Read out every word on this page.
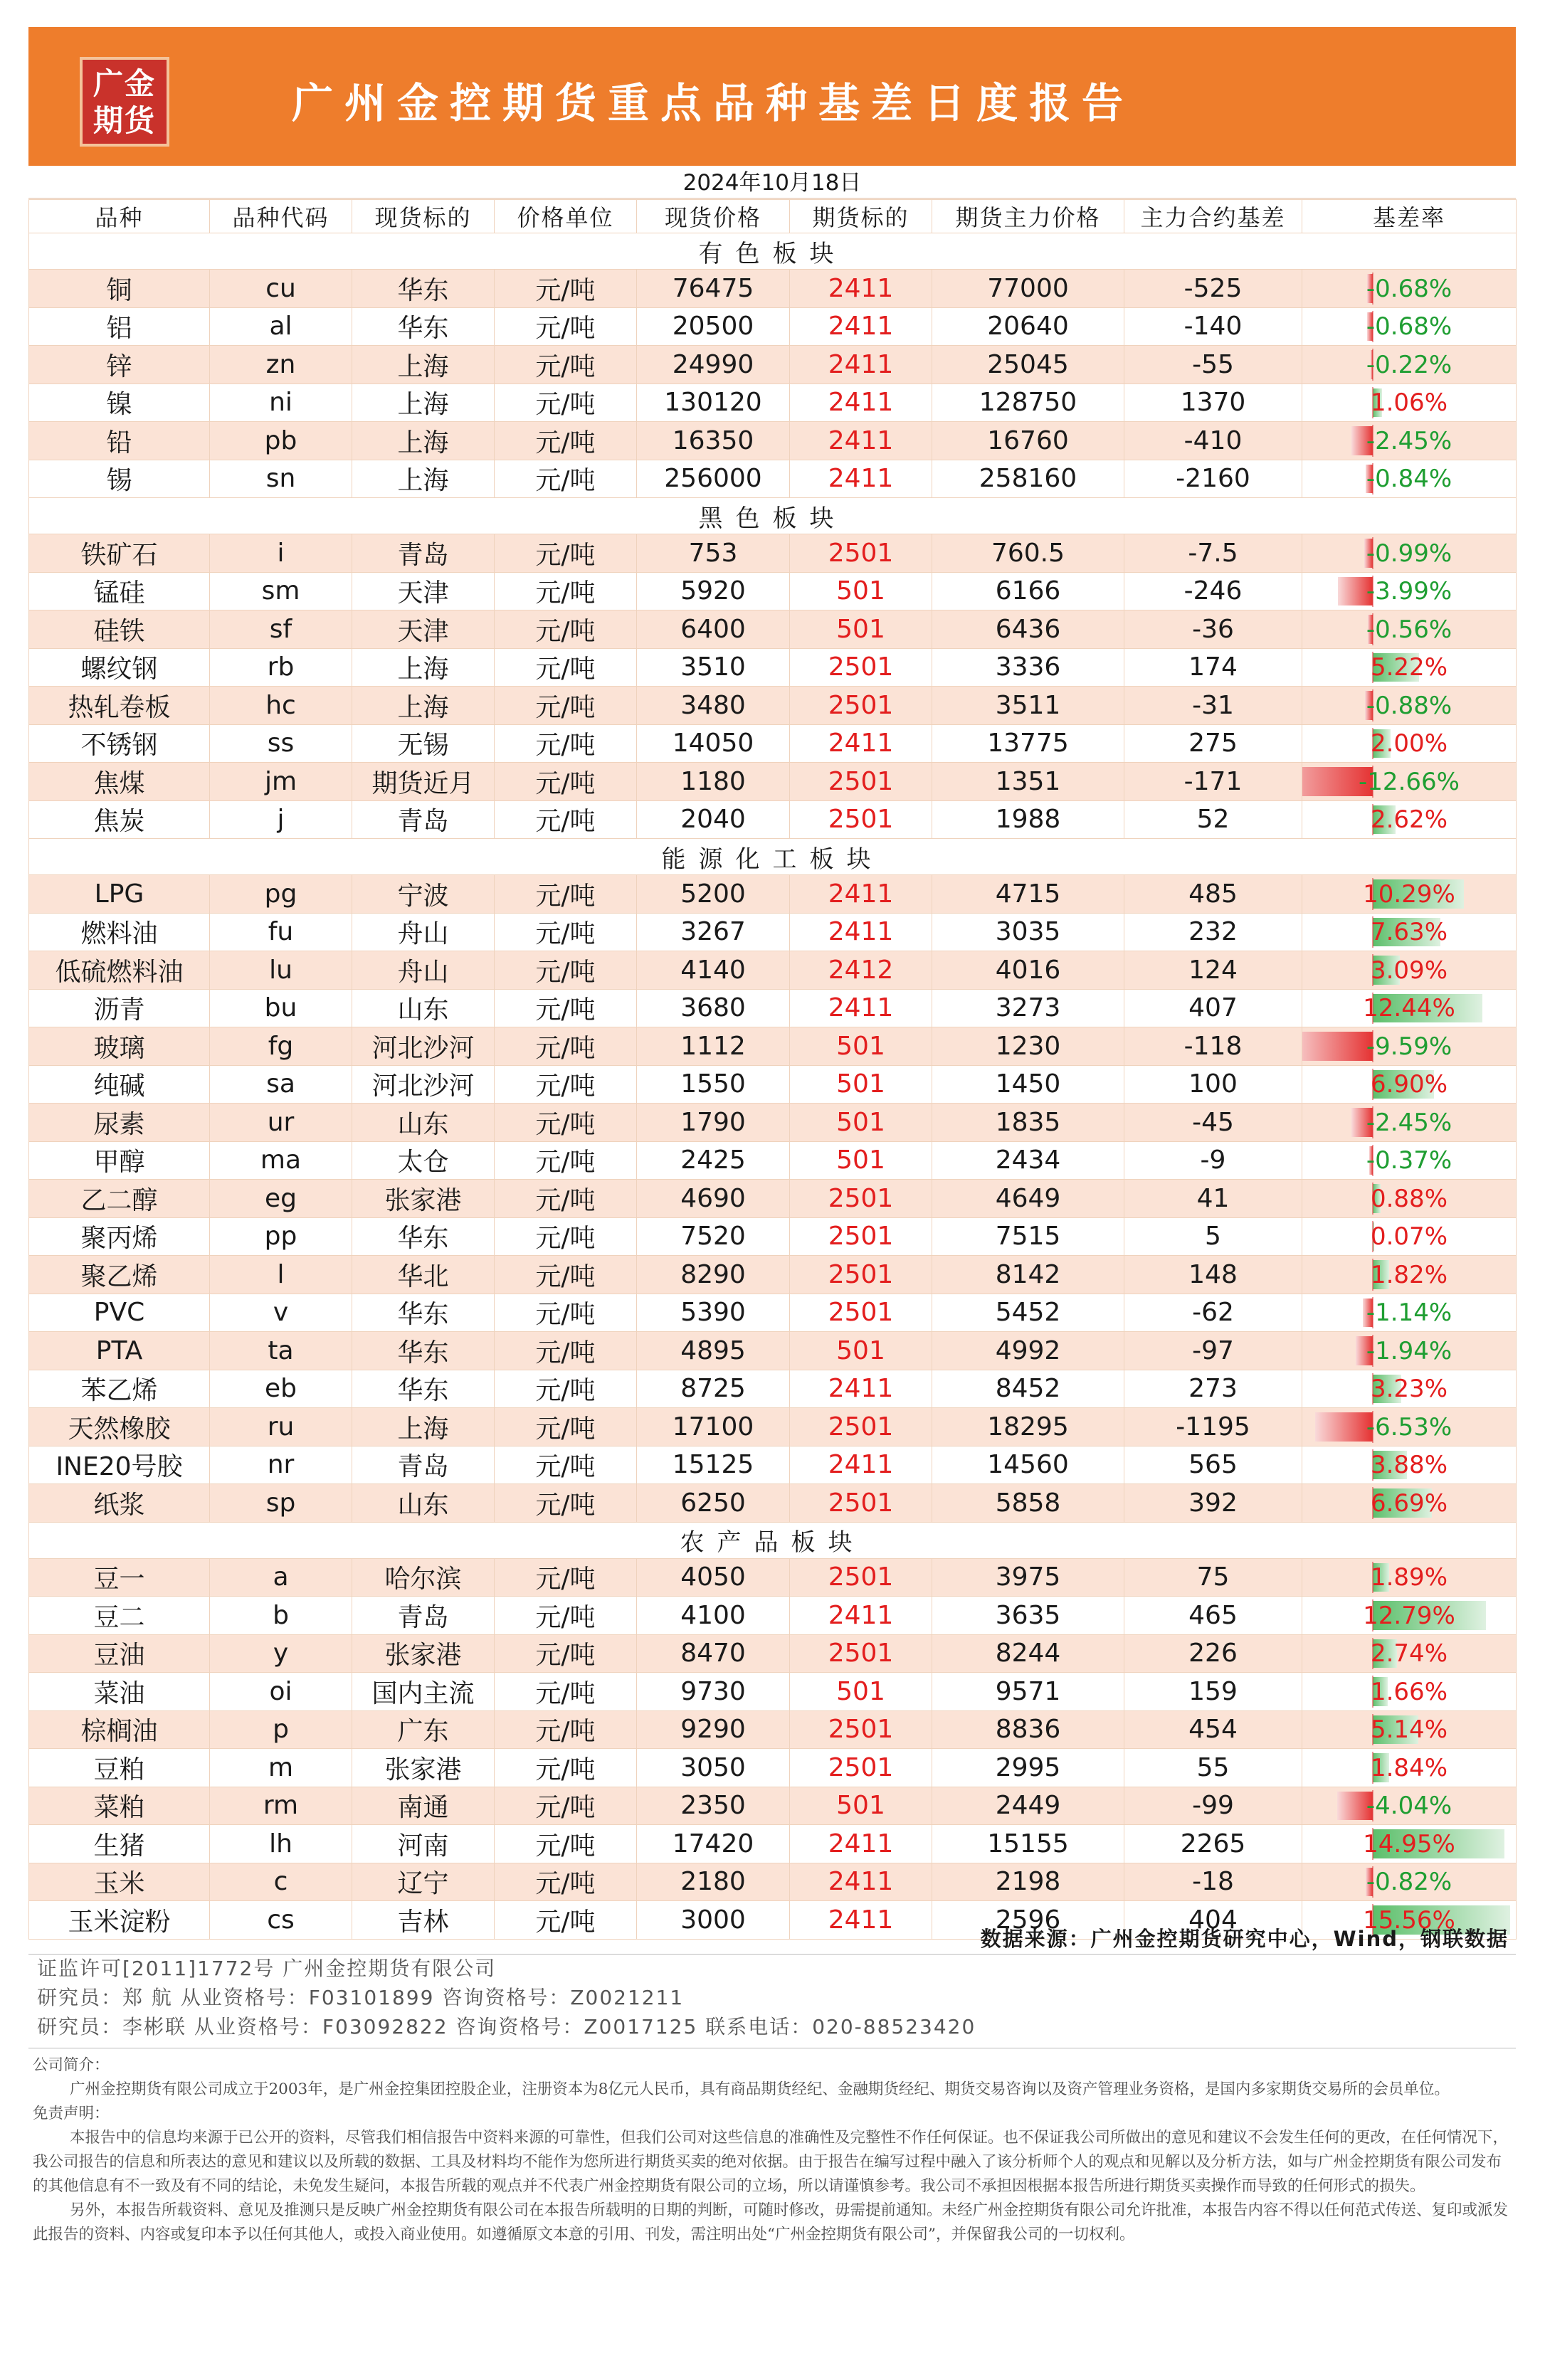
广金
期货	广州金控期货重点品种基差日度报告
2024年10月18日
品种	品种代码	现货标的	价格单位	现货价格	期货标的	期货主力价格	主力合约基差	基差率
有色板块								
铜	cu	华东	元/吨	76475	2411	77000	-525	-0.68%
铝	al	华东	元/吨	20500	2411	20640	-140	-0.68%
锌	zn	上海	元/吨	24990	2411	25045	-55	-0.22%
镍	ni	上海	元/吨	130120	2411	128750	1370	1.06%
铅	pb	上海	元/吨	16350	2411	16760	-410	-2.45%
锡	sn	上海	元/吨	256000	2411	258160	-2160	-0.84%
黑色板块								
铁矿石	i	青岛	元/吨	753	2501	760.5	-7.5	-0.99%
锰硅	sm	天津	元/吨	5920	501	6166	-246	-3.99%
硅铁	sf	天津	元/吨	6400	501	6436	-36	-0.56%
螺纹钢	rb	上海	元/吨	3510	2501	3336	174	5.22%
热轧卷板	hc	上海	元/吨	3480	2501	3511	-31	-0.88%
不锈钢	ss	无锡	元/吨	14050	2411	13775	275	2.00%
焦煤	jm	期货近月	元/吨	1180	2501	1351	-171	-12.66%
焦炭	j	青岛	元/吨	2040	2501	1988	52	2.62%
能源化工板块								
LPG	pg	宁波	元/吨	5200	2411	4715	485	10.29%
燃料油	fu	舟山	元/吨	3267	2411	3035	232	7.63%
低硫燃料油	lu	舟山	元/吨	4140	2412	4016	124	3.09%
沥青	bu	山东	元/吨	3680	2411	3273	407	12.44%
玻璃	fg	河北沙河	元/吨	1112	501	1230	-118	-9.59%
纯碱	sa	河北沙河	元/吨	1550	501	1450	100	6.90%
尿素	ur	山东	元/吨	1790	501	1835	-45	-2.45%
甲醇	ma	太仓	元/吨	2425	501	2434	-9	-0.37%
乙二醇	eg	张家港	元/吨	4690	2501	4649	41	0.88%
聚丙烯	pp	华东	元/吨	7520	2501	7515	5	0.07%
聚乙烯	l	华北	元/吨	8290	2501	8142	148	1.82%
PVC	v	华东	元/吨	5390	2501	5452	-62	-1.14%
PTA	ta	华东	元/吨	4895	501	4992	-97	-1.94%
苯乙烯	eb	华东	元/吨	8725	2411	8452	273	3.23%
天然橡胶	ru	上海	元/吨	17100	2501	18295	-1195	-6.53%
INE20号胶	nr	青岛	元/吨	15125	2411	14560	565	3.88%
纸浆	sp	山东	元/吨	6250	2501	5858	392	6.69%
农产品板块								
豆一	a	哈尔滨	元/吨	4050	2501	3975	75	1.89%
豆二	b	青岛	元/吨	4100	2411	3635	465	12.79%
豆油	y	张家港	元/吨	8470	2501	8244	226	2.74%
菜油	oi	国内主流	元/吨	9730	501	9571	159	1.66%
棕榈油	p	广东	元/吨	9290	2501	8836	454	5.14%
豆粕	m	张家港	元/吨	3050	2501	2995	55	1.84%
菜粕	rm	南通	元/吨	2350	501	2449	-99	-4.04%
生猪	lh	河南	元/吨	17420	2411	15155	2265	14.95%
玉米	c	辽宁	元/吨	2180	2411	2198	-18	-0.82%
玉米淀粉	cs	吉林	元/吨	3000	2411	2596	404	15.56%
数据来源：广州金控期货研究中心，Wind，钢联数据
证监许可[2011]1772号 广州金控期货有限公司
研究员：郑 航 从业资格号：F03101899 咨询资格号：Z0021211
研究员：李彬联 从业资格号：F03092822 咨询资格号：Z0017125 联系电话：020-88523420

公司简介：

广州金控期货有限公司成立于2003年，是广州金控集团控股企业，注册资本为8亿元人民币，具有商品期货经纪、金融期货经纪、期货交易咨询以及资产管理业务资格，是国内多家期货交易所的会员单位。

免责声明：

本报告中的信息均来源于已公开的资料，尽管我们相信报告中资料来源的可靠性，但我们公司对这些信息的准确性及完整性不作任何保证。也不保证我公司所做出的意见和建议不会发生任何的更改，在任何情况下，我公司报告的信息和所表达的意见和建议以及所载的数据、工具及材料均不能作为您所进行期货买卖的绝对依据。由于报告在编写过程中融入了该分析师个人的观点和见解以及分析方法，如与广州金控期货有限公司发布的其他信息有不一致及有不同的结论，未免发生疑问，本报告所载的观点并不代表广州金控期货有限公司的立场，所以请谨慎参考。我公司不承担因根据本报告所进行期货买卖操作而导致的任何形式的损失。

另外，本报告所载资料、意见及推测只是反映广州金控期货有限公司在本报告所载明的日期的判断，可随时修改，毋需提前通知。未经广州金控期货有限公司允许批准，本报告内容不得以任何范式传送、复印或派发此报告的资料、内容或复印本予以任何其他人，或投入商业使用。如遵循原文本意的引用、刊发，需注明出处“广州金控期货有限公司”，并保留我公司的一切权利。
